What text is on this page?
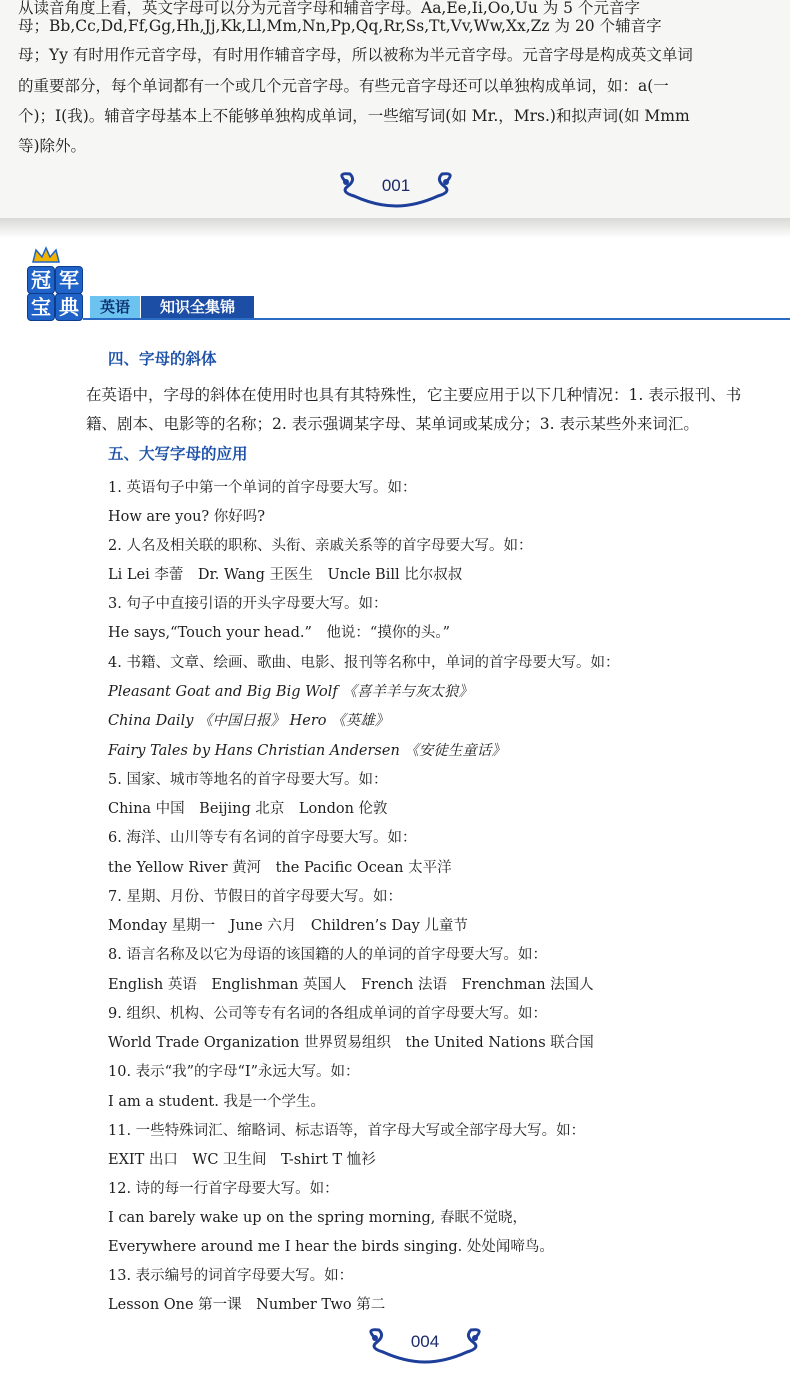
从读音角度上看，英文字母可以分为元音字母和辅音字母。Aa,Ee,Ii,Oo,Uu 为 5 个元音字
母；Bb,Cc,Dd,Ff,Gg,Hh,Jj,Kk,Ll,Mm,Nn,Pp,Qq,Rr,Ss,Tt,Vv,Ww,Xx,Zz 为 20 个辅音字
母；Yy 有时用作元音字母，有时用作辅音字母，所以被称为半元音字母。元音字母是构成英文单词
的重要部分，每个单词都有一个或几个元音字母。有些元音字母还可以单独构成单词，如：a(一
个)；I(我)。辅音字母基本上不能够单独构成单词，一些缩写词(如 Mr.，Mrs.)和拟声词(如 Mmm
等)除外。
001
冠 军
宝 典	英语	知识全集锦
四、字母的斜体
在英语中，字母的斜体在使用时也具有其特殊性，它主要应用于以下几种情况：1. 表示报刊、书
籍、剧本、电影等的名称；2. 表示强调某字母、某单词或某成分；3. 表示某些外来词汇。
五、大写字母的应用
1. 英语句子中第一个单词的首字母要大写。如：
How are you? 你好吗?
2. 人名及相关联的职称、头衔、亲戚关系等的首字母要大写。如：
Li Lei 李蕾　Dr. Wang 王医生　Uncle Bill 比尔叔叔
3. 句子中直接引语的开头字母要大写。如：
He says,“Touch your head.”　他说：“摸你的头。”
4. 书籍、文章、绘画、歌曲、电影、报刊等名称中，单词的首字母要大写。如：
Pleasant Goat and Big Big Wolf 《喜羊羊与灰太狼》
China Daily 《中国日报》 Hero 《英雄》
Fairy Tales by Hans Christian Andersen 《安徒生童话》
5. 国家、城市等地名的首字母要大写。如：
China 中国　Beijing 北京　London 伦敦
6. 海洋、山川等专有名词的首字母要大写。如：
the Yellow River 黄河　the Pacific Ocean 太平洋
7. 星期、月份、节假日的首字母要大写。如：
Monday 星期一　June 六月　Children’s Day 儿童节
8. 语言名称及以它为母语的该国籍的人的单词的首字母要大写。如：
English 英语　Englishman 英国人　French 法语　Frenchman 法国人
9. 组织、机构、公司等专有名词的各组成单词的首字母要大写。如：
World Trade Organization 世界贸易组织　the United Nations 联合国
10. 表示“我”的字母“I”永远大写。如：
I am a student. 我是一个学生。
11. 一些特殊词汇、缩略词、标志语等，首字母大写或全部字母大写。如：
EXIT 出口　WC 卫生间　T-shirt T 恤衫
12. 诗的每一行首字母要大写。如：
I can barely wake up on the spring morning, 春眠不觉晓，
Everywhere around me I hear the birds singing. 处处闻啼鸟。
13. 表示编号的词首字母要大写。如：
Lesson One 第一课　Number Two 第二
004
